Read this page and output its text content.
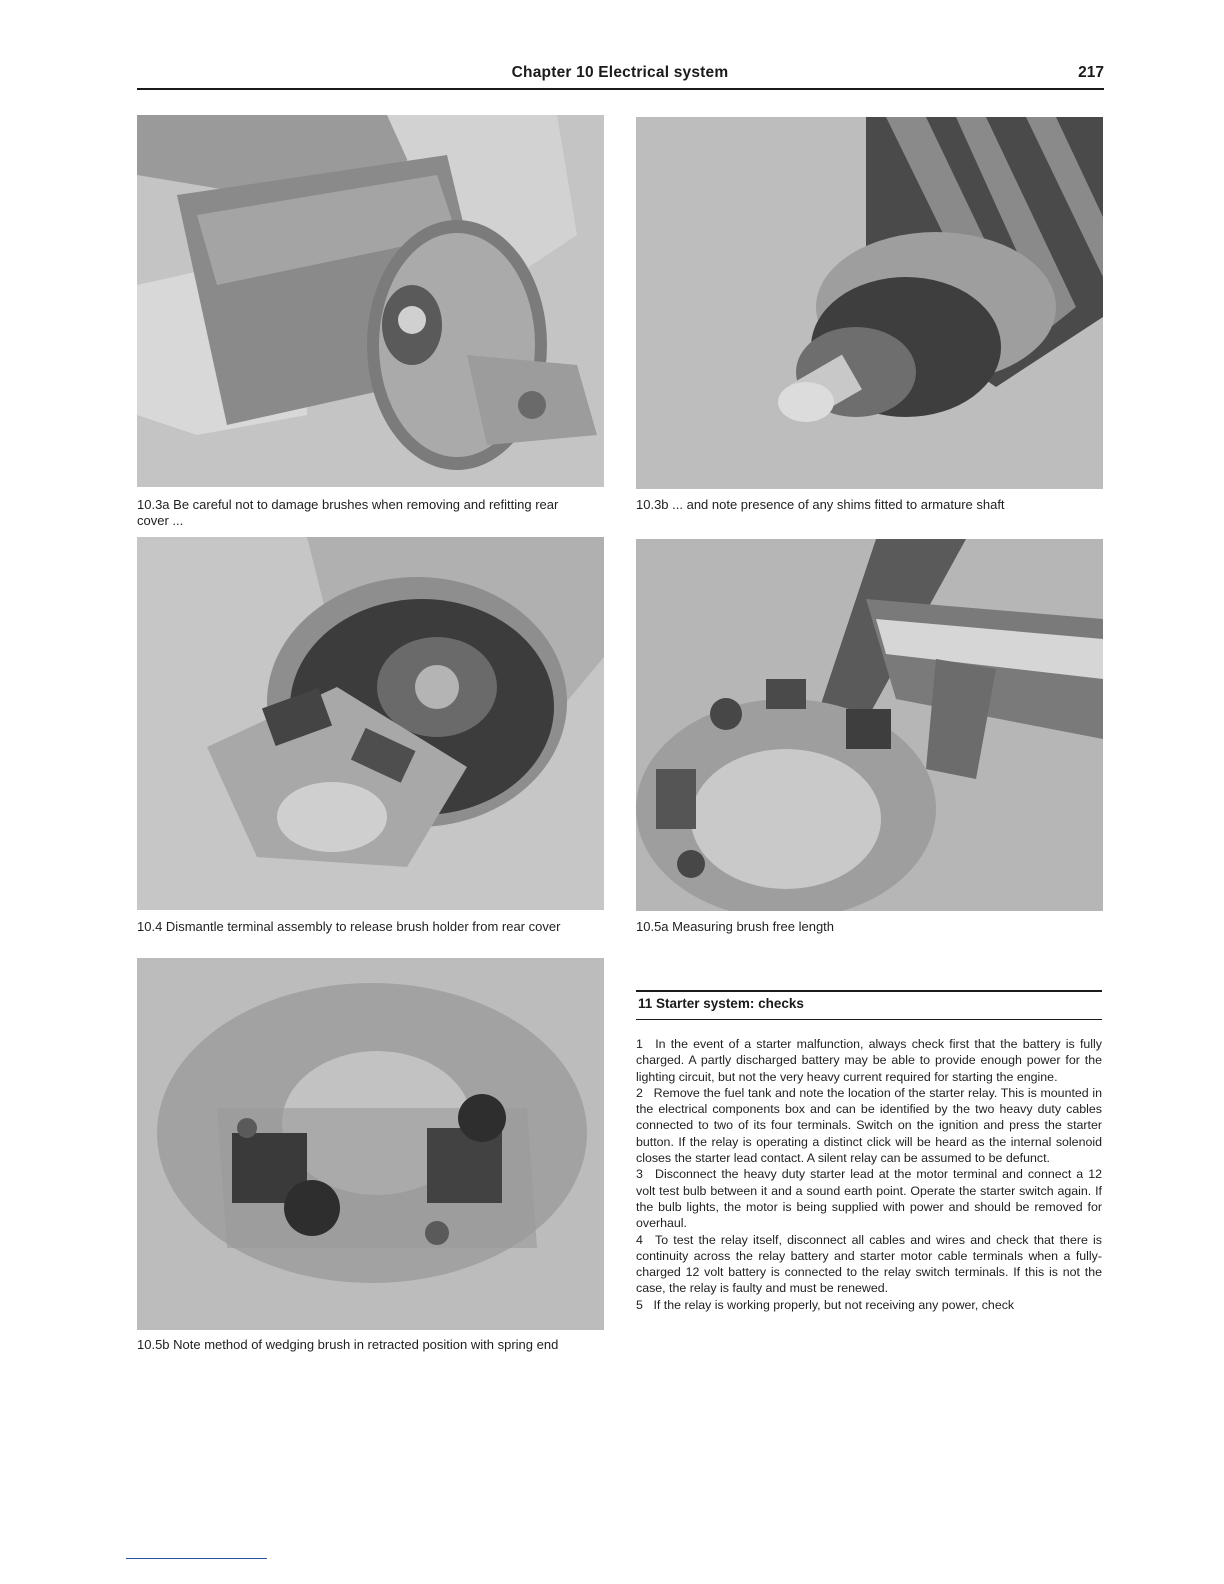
Chapter 10 Electrical system	217
10.3a Be careful not to damage brushes when removing and refitting rear cover ...
10.3b ... and note presence of any shims fitted to armature shaft
10.4 Dismantle terminal assembly to release brush holder from rear cover	10.5a Measuring brush free length
10.5b Note method of wedging brush in retracted position with spring end
11 Starter system: checks

1 In the event of a starter malfunction, always check first that the battery is fully charged. A partly discharged battery may be able to provide enough power for the lighting circuit, but not the very heavy current required for starting the engine.

2 Remove the fuel tank and note the location of the starter relay. This is mounted in the electrical components box and can be identified by the two heavy duty cables connected to two of its four terminals. Switch on the ignition and press the starter button. If the relay is operating a distinct click will be heard as the internal solenoid closes the starter lead contact. A silent relay can be assumed to be defunct.

3 Disconnect the heavy duty starter lead at the motor terminal and connect a 12 volt test bulb between it and a sound earth point. Operate the starter switch again. If the bulb lights, the motor is being supplied with power and should be removed for overhaul.

4 To test the relay itself, disconnect all cables and wires and check that there is continuity across the relay battery and starter motor cable terminals when a fully-charged 12 volt battery is connected to the relay switch terminals. If this is not the case, the relay is faulty and must be renewed.

5 If the relay is working properly, but not receiving any power, check
